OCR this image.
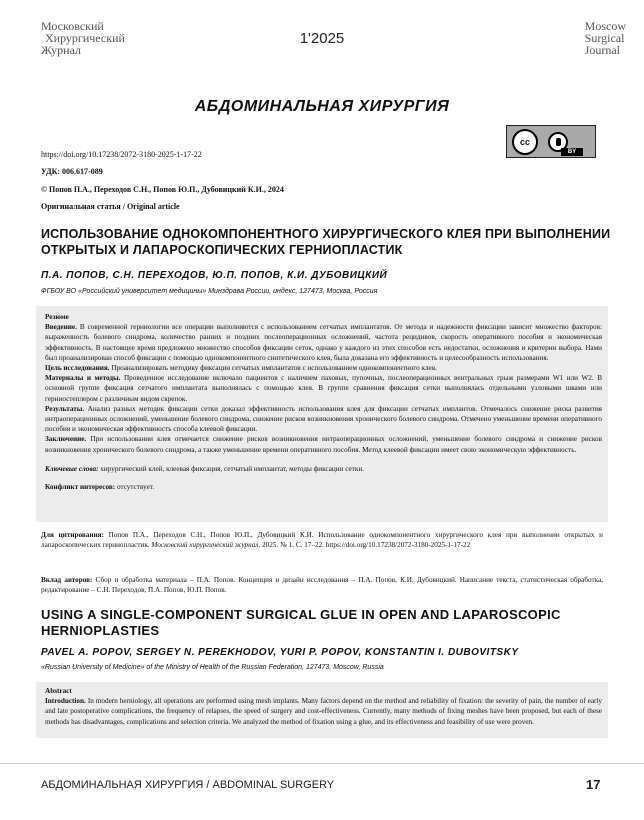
Московский
Хирургический
Журнал
1'2025
Moscow
Surgical
Journal
АБДОМИНАЛЬНАЯ ХИРУРГИЯ
cc
BY
https://doi.org/10.17238/2072-3180-2025-1-17-22
УДК: 006.617-089
© Попов П.А., Переходов С.Н., Попов Ю.П., Дубовицкий К.И., 2024
Оригинальная статья / Original article
ИСПОЛЬЗОВАНИЕ ОДНОКОМПОНЕНТНОГО ХИРУРГИЧЕСКОГО КЛЕЯ ПРИ ВЫПОЛНЕНИИ ОТКРЫТЫХ И ЛАПАРОСКОПИЧЕСКИХ ГЕРНИОПЛАСТИК
П.А. ПОПОВ, С.Н. ПЕРЕХОДОВ, Ю.П. ПОПОВ, К.И. ДУБОВИЦКИЙ
ФГБОУ ВО «Российский университет медицины» Минздрава России, индекс, 127473, Москва, Россия

Резюме

Введение. В современной герниологии все операции выполняются с использованием сетчатых имплантатов. От метода и надежности фиксации зависит множество факторов: выраженность болевого синдрома, количество ранних и поздних послеоперационных осложнений, частота рецидивов, скорость оперативного пособия и экономическая эффективность. В настоящее время предложено множество способов фиксации сеток, однако у каждого из этих способов есть недостатки, осложнения и критерии выбора. Нами был проанализирован способ фиксации с помощью однокомпонентного синтетического клея, была доказана его эффективность и целесообразность использования.

Цель исследования. Проанализировать методику фиксации сетчатых имплантатов с использованием однокомпонентного клея.

Материалы и методы. Проведенное исследование включало пациентов с наличием паховых, пупочных, послеоперационных вентральных грыж размерами W1 или W2. В основной группе фиксация сетчатого имплантата выполнялась с помощью клея. В группе сравнения фиксация сетки выполнялась отдельными узловыми швами или герниостеплером с различным видом скрепок.

Результаты. Анализ разных методик фиксации сетки доказал эффективность использования клея для фиксации сетчатых имплантов. Отмечалось снижение риска развития интраоперационных осложнений, уменьшение болевого синдрома, снижение рисков возникновения хронического болевого синдрома. Отмечено уменьшение времени оперативного пособия и экономическая эффективность способа клеевой фиксации.

Заключение. При использовании клея отмечается снижение рисков возникновения интраоперационных осложнений, уменьшение болевого синдрома и снижение рисков возникновения хронического болевого синдрома, а также уменьшение времени оперативного пособия. Метод клеевой фиксации имеет свою экономическую эффективность.

Ключевые слова: хирургический клей, клеевая фиксация, сетчатый имплантат, методы фиксации сетки.

Конфликт интересов: отсутствует.

Для цитирования: Попов П.А., Переходов С.Н., Попов Ю.П., Дубовицкий К.И. Использование однокомпонентного хирургического клея при выполнении открытых и лапароскопических герниопластик. Московский хирургический журнал, 2025. № 1. С. 17–22. https://doi.org/10.17238/2072-3180-2025-1-17-22
Вклад авторов: Сбор и обработка материала – П.А. Попов. Концепция и дизайн исследования – П.А. Попов, К.И. Дубовицкий. Написание текста, статистическая обработка, редактирование – С.Н. Переходов, П.А. Попов, Ю.П. Попов.
USING A SINGLE-COMPONENT SURGICAL GLUE IN OPEN AND LAPAROSCOPIC HERNIOPLASTIES
PAVEL A. POPOV, SERGEY N. PEREKHODOV, YURI P. POPOV, KONSTANTIN I. DUBOVITSKY
«Russian University of Medicine» of the Ministry of Health of the Russian Federation, 127473, Moscow, Russia

Abstract

Introduction. In modern herniology, all operations are performed using mesh implants. Many factors depend on the method and reliability of fixation: the severity of pain, the number of early and late postoperative complications, the frequency of relapses, the speed of surgery and cost-effectiveness. Currently, many methods of fixing meshes have been proposed, but each of these methods has disadvantages, complications and selection criteria. We analyzed the method of fixation using a glue, and its effectiveness and feasibility of use were proven.

АБДОМИНАЛЬНАЯ ХИРУРГИЯ / ABDOMINAL SURGERY	17
